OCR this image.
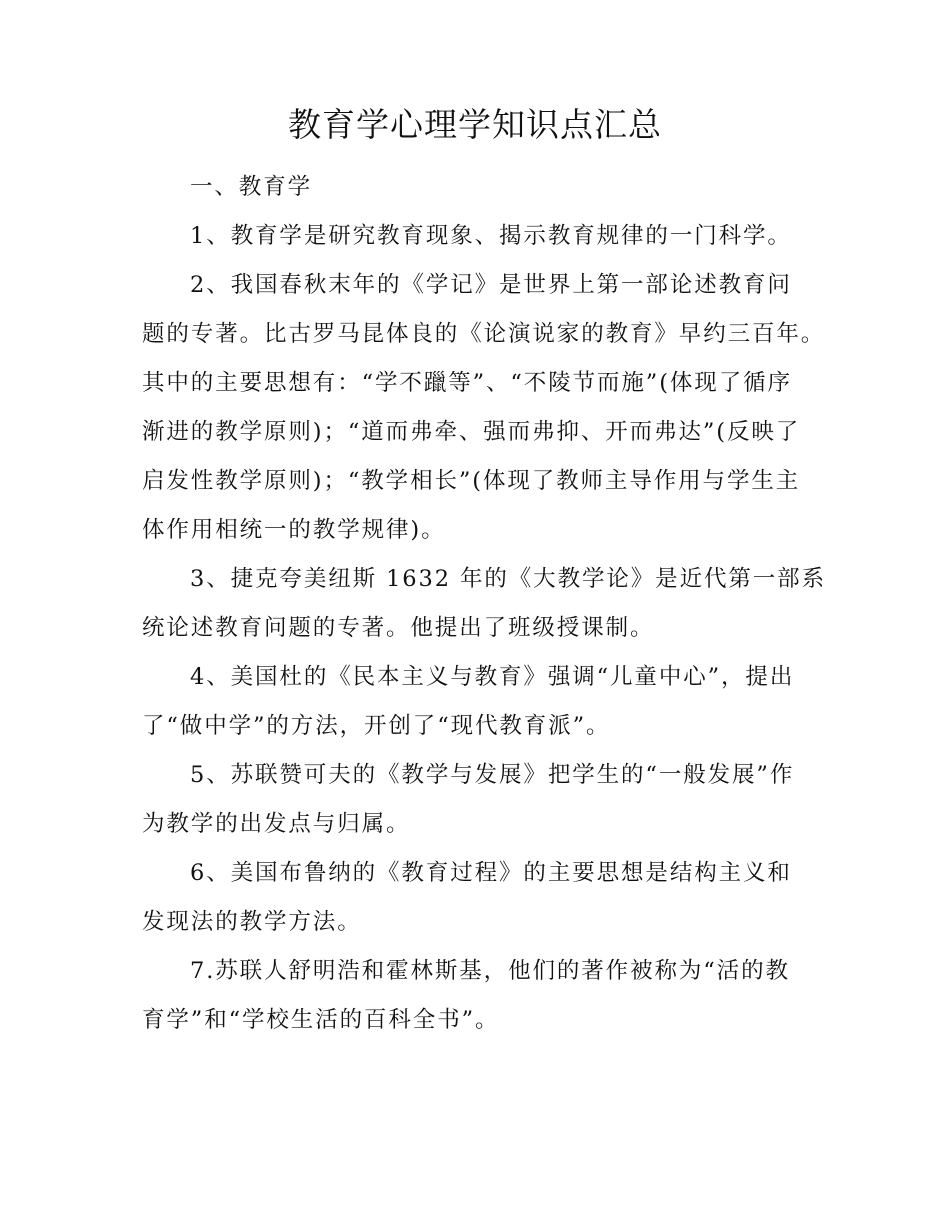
教育学心理学知识点汇总
一、教育学
1、教育学是研究教育现象、揭示教育规律的一门科学。
2、我国春秋末年的《学记》是世界上第一部论述教育问
题的专著。比古罗马昆体良的《论演说家的教育》早约三百年。
其中的主要思想有：“学不躐等”、“不陵节而施”(体现了循序
渐进的教学原则)；“道而弗牵、强而弗抑、开而弗达”(反映了
启发性教学原则)；“教学相长”(体现了教师主导作用与学生主
体作用相统一的教学规律)。
3、捷克夸美纽斯 1632 年的《大教学论》是近代第一部系
统论述教育问题的专著。他提出了班级授课制。
4、美国杜的《民本主义与教育》强调“儿童中心”，提出
了“做中学”的方法，开创了“现代教育派”。
5、苏联赞可夫的《教学与发展》把学生的“一般发展”作
为教学的出发点与归属。
6、美国布鲁纳的《教育过程》的主要思想是结构主义和
发现法的教学方法。
7.苏联人舒明浩和霍林斯基，他们的著作被称为“活的教
育学”和“学校生活的百科全书”。
